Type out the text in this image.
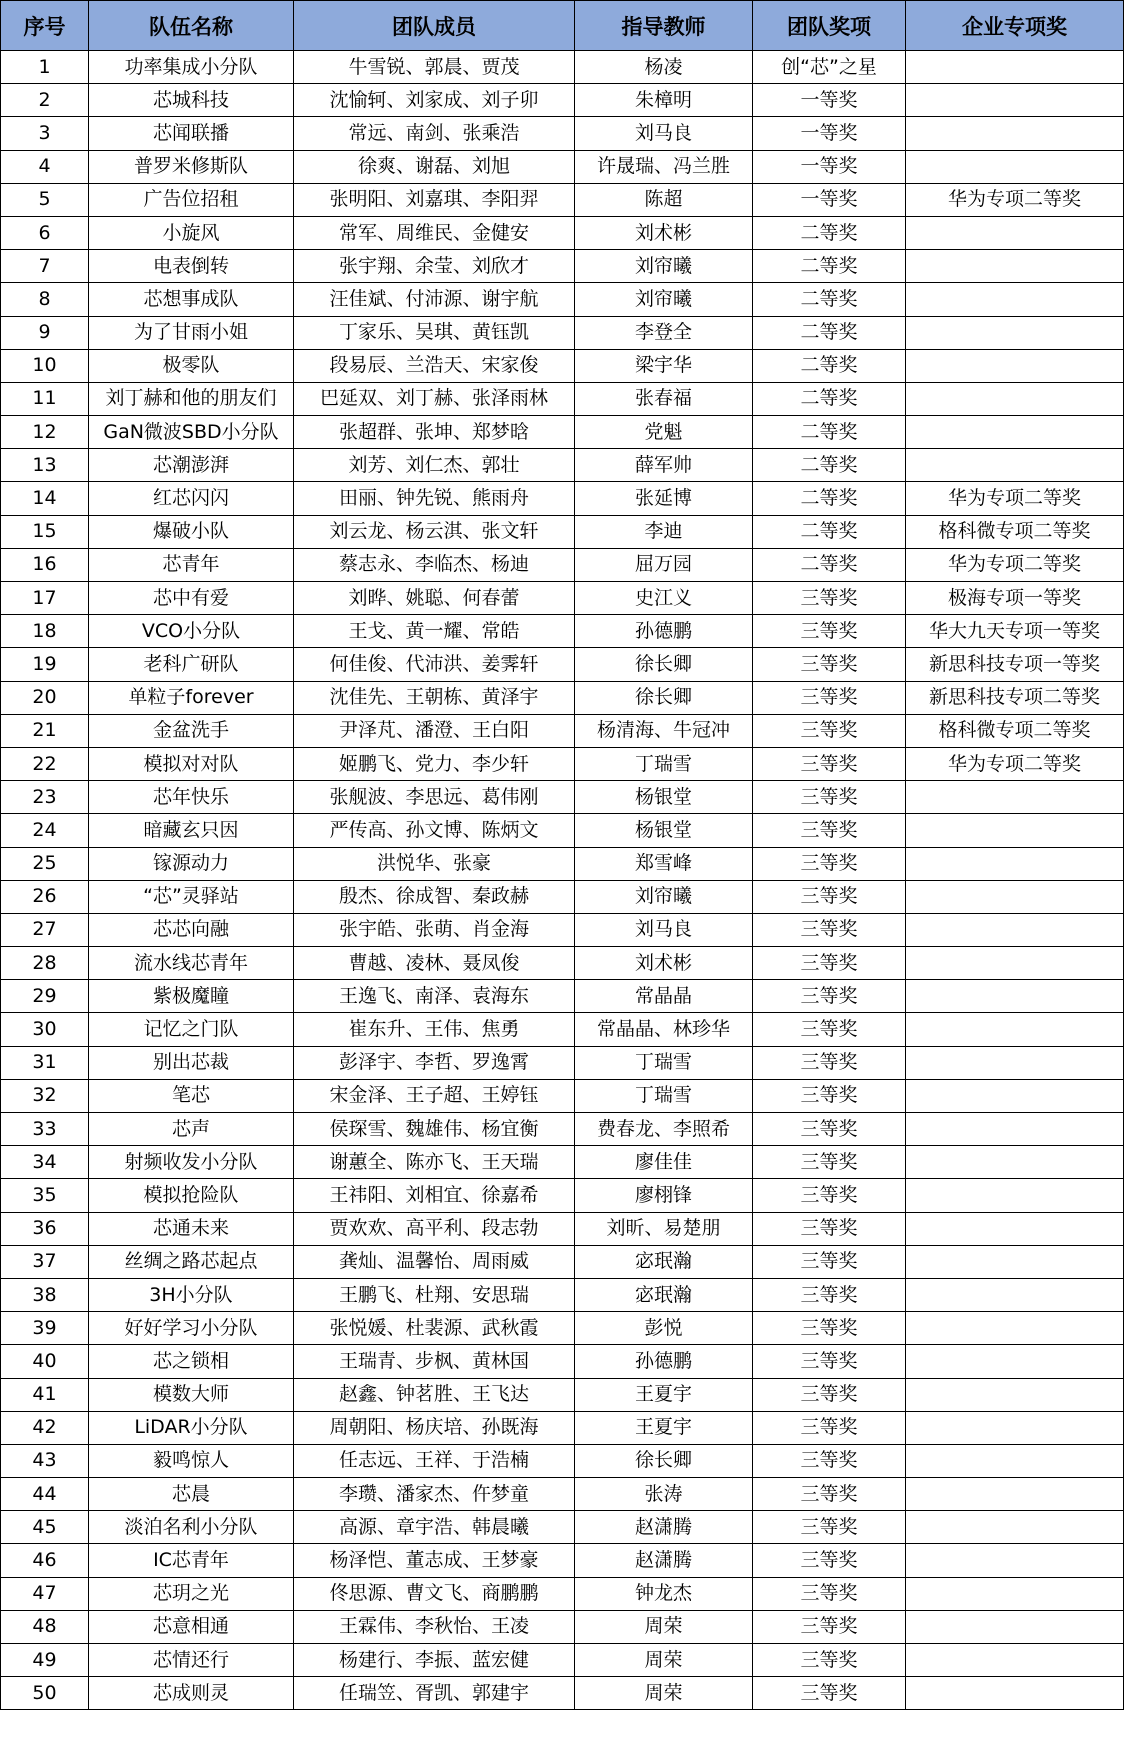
序号	队伍名称	团队成员	指导教师	团队奖项	企业专项奖
1	功率集成小分队	牛雪锐、郭晨、贾茂	杨凌	创“芯”之星	
2	芯城科技	沈愉轲、刘家成、刘子卯	朱樟明	一等奖	
3	芯闻联播	常远、南剑、张乘浩	刘马良	一等奖	
4	普罗米修斯队	徐爽、谢磊、刘旭	许晟瑞、冯兰胜	一等奖	
5	广告位招租	张明阳、刘嘉琪、李阳羿	陈超	一等奖	华为专项二等奖
6	小旋风	常军、周维民、金健安	刘术彬	二等奖	
7	电表倒转	张宇翔、余莹、刘欣才	刘帘曦	二等奖	
8	芯想事成队	汪佳斌、付沛源、谢宇航	刘帘曦	二等奖	
9	为了甘雨小姐	丁家乐、吴琪、黄钰凯	李登全	二等奖	
10	极零队	段易辰、兰浩天、宋家俊	梁宇华	二等奖	
11	刘丁赫和他的朋友们	巴延双、刘丁赫、张泽雨林	张春福	二等奖	
12	GaN微波SBD小分队	张超群、张坤、郑梦晗	党魁	二等奖	
13	芯潮澎湃	刘芳、刘仁杰、郭壮	薛军帅	二等奖	
14	红芯闪闪	田丽、钟先锐、熊雨舟	张延博	二等奖	华为专项二等奖
15	爆破小队	刘云龙、杨云淇、张文轩	李迪	二等奖	格科微专项二等奖
16	芯青年	蔡志永、李临杰、杨迪	屈万园	二等奖	华为专项二等奖
17	芯中有爱	刘晔、姚聪、何春蕾	史江义	三等奖	极海专项一等奖
18	VCO小分队	王戈、黄一耀、常皓	孙德鹏	三等奖	华大九天专项一等奖
19	老科广研队	何佳俊、代沛洪、姜霁轩	徐长卿	三等奖	新思科技专项一等奖
20	单粒子forever	沈佳先、王朝栋、黄泽宇	徐长卿	三等奖	新思科技专项二等奖
21	金盆洗手	尹泽芃、潘澄、王白阳	杨清海、牛冠冲	三等奖	格科微专项二等奖
22	模拟对对队	姬鹏飞、党力、李少轩	丁瑞雪	三等奖	华为专项二等奖
23	芯年快乐	张舰波、李思远、葛伟刚	杨银堂	三等奖	
24	暗藏玄只因	严传高、孙文博、陈炳文	杨银堂	三等奖	
25	镓源动力	洪悦华、张豪	郑雪峰	三等奖	
26	“芯”灵驿站	殷杰、徐成智、秦政赫	刘帘曦	三等奖	
27	芯芯向融	张宇皓、张萌、肖金海	刘马良	三等奖	
28	流水线芯青年	曹越、凌林、聂凤俊	刘术彬	三等奖	
29	紫极魔瞳	王逸飞、南泽、袁海东	常晶晶	三等奖	
30	记忆之门队	崔东升、王伟、焦勇	常晶晶、林珍华	三等奖	
31	别出芯裁	彭泽宇、李哲、罗逸霄	丁瑞雪	三等奖	
32	笔芯	宋金泽、王子超、王婷钰	丁瑞雪	三等奖	
33	芯声	侯琛雪、魏雄伟、杨宜衡	费春龙、李照希	三等奖	
34	射频收发小分队	谢蕙全、陈亦飞、王天瑞	廖佳佳	三等奖	
35	模拟抢险队	王祎阳、刘相宜、徐嘉希	廖栩锋	三等奖	
36	芯通未来	贾欢欢、高平利、段志勃	刘昕、易楚朋	三等奖	
37	丝绸之路芯起点	龚灿、温馨怡、周雨威	宓珉瀚	三等奖	
38	3H小分队	王鹏飞、杜翔、安思瑞	宓珉瀚	三等奖	
39	好好学习小分队	张悦媛、杜裴源、武秋霞	彭悦	三等奖	
40	芯之锁相	王瑞青、步枫、黄林国	孙德鹏	三等奖	
41	模数大师	赵鑫、钟茗胜、王飞达	王夏宇	三等奖	
42	LiDAR小分队	周朝阳、杨庆培、孙既海	王夏宇	三等奖	
43	毅鸣惊人	任志远、王祥、于浩楠	徐长卿	三等奖	
44	芯晨	李瓒、潘家杰、仵梦童	张涛	三等奖	
45	淡泊名利小分队	高源、章宇浩、韩晨曦	赵潇腾	三等奖	
46	IC芯青年	杨泽恺、董志成、王梦豪	赵潇腾	三等奖	
47	芯玥之光	佟思源、曹文飞、商鹏鹏	钟龙杰	三等奖	
48	芯意相通	王霖伟、李秋怡、王凌	周荣	三等奖	
49	芯情还行	杨建行、李振、蓝宏健	周荣	三等奖	
50	芯成则灵	任瑞笠、胥凯、郭建宇	周荣	三等奖	
